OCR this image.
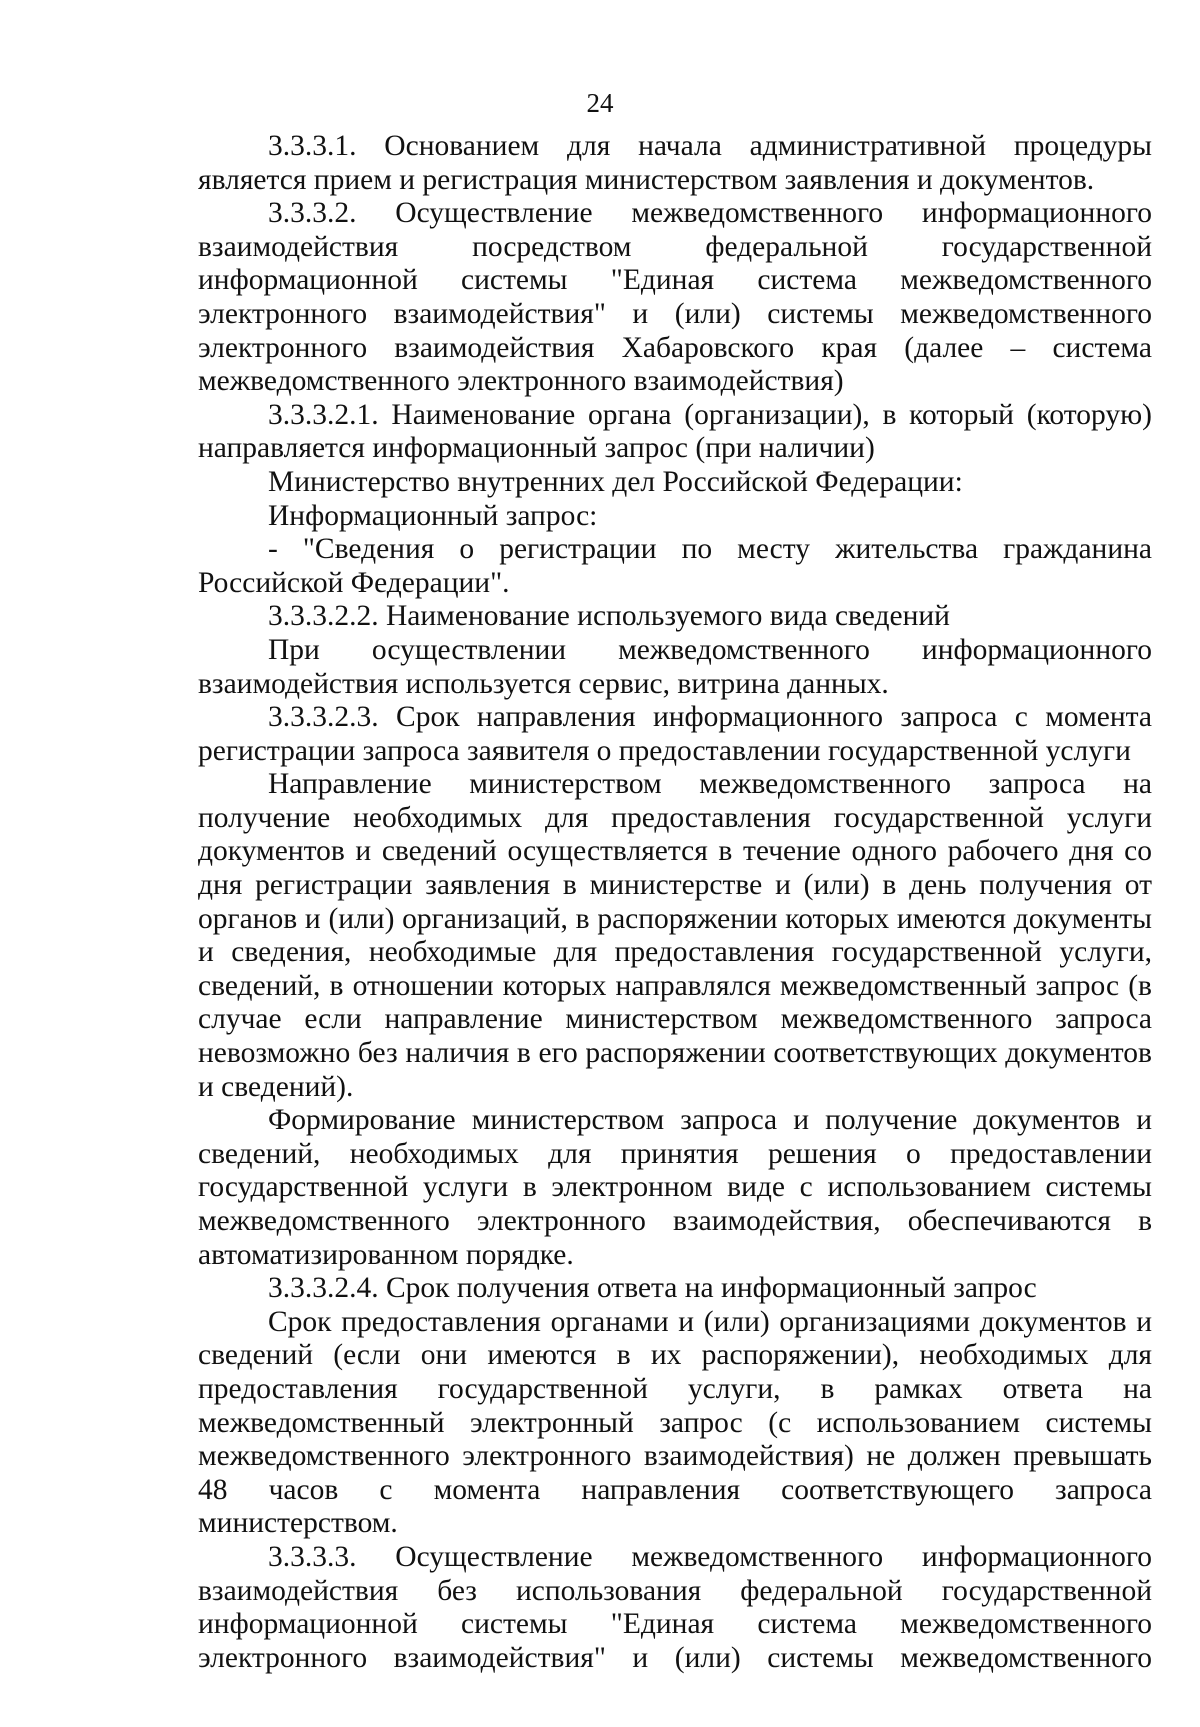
24

3.3.3.1. Основанием для начала административной процедуры является прием и регистрация министерством заявления и документов.

3.3.3.2. Осуществление межведомственного информационного взаимодействия посредством федеральной государственной информационной системы "Единая система межведомственного электронного взаимодействия" и (или) системы межведомственного электронного взаимодействия Хабаровского края (далее – система межведомственного электронного взаимодействия)

3.3.3.2.1. Наименование органа (организации), в который (которую) направляется информационный запрос (при наличии)

Министерство внутренних дел Российской Федерации:

Информационный запрос:

- "Сведения о регистрации по месту жительства гражданина Российской Федерации".

3.3.3.2.2. Наименование используемого вида сведений

При осуществлении межведомственного информационного взаимодействия используется сервис, витрина данных.

3.3.3.2.3. Срок направления информационного запроса с момента регистрации запроса заявителя о предоставлении государственной услуги

Направление министерством межведомственного запроса на получение необходимых для предоставления государственной услуги документов и сведений осуществляется в течение одного рабочего дня со дня регистрации заявления в министерстве и (или) в день получения от органов и (или) организаций, в распоряжении которых имеются документы и сведения, необходимые для предоставления государственной услуги, сведений, в отношении которых направлялся межведомственный запрос (в случае если направление министерством межведомственного запроса невозможно без наличия в его распоряжении соответствующих документов и сведений).

Формирование министерством запроса и получение документов и сведений, необходимых для принятия решения о предоставлении государственной услуги в электронном виде с использованием системы межведомственного электронного взаимодействия, обеспечиваются в автоматизированном порядке.

3.3.3.2.4. Срок получения ответа на информационный запрос

Срок предоставления органами и (или) организациями документов и сведений (если они имеются в их распоряжении), необходимых для предоставления государственной услуги, в рамках ответа на межведомственный электронный запрос (с использованием системы межведомственного электронного взаимодействия) не должен превышать 48 часов с момента направления соответствующего запроса министерством.

3.3.3.3. Осуществление межведомственного информационного взаимодействия без использования федеральной государственной информационной системы "Единая система межведомственного электронного взаимодействия" и (или) системы межведомственного
